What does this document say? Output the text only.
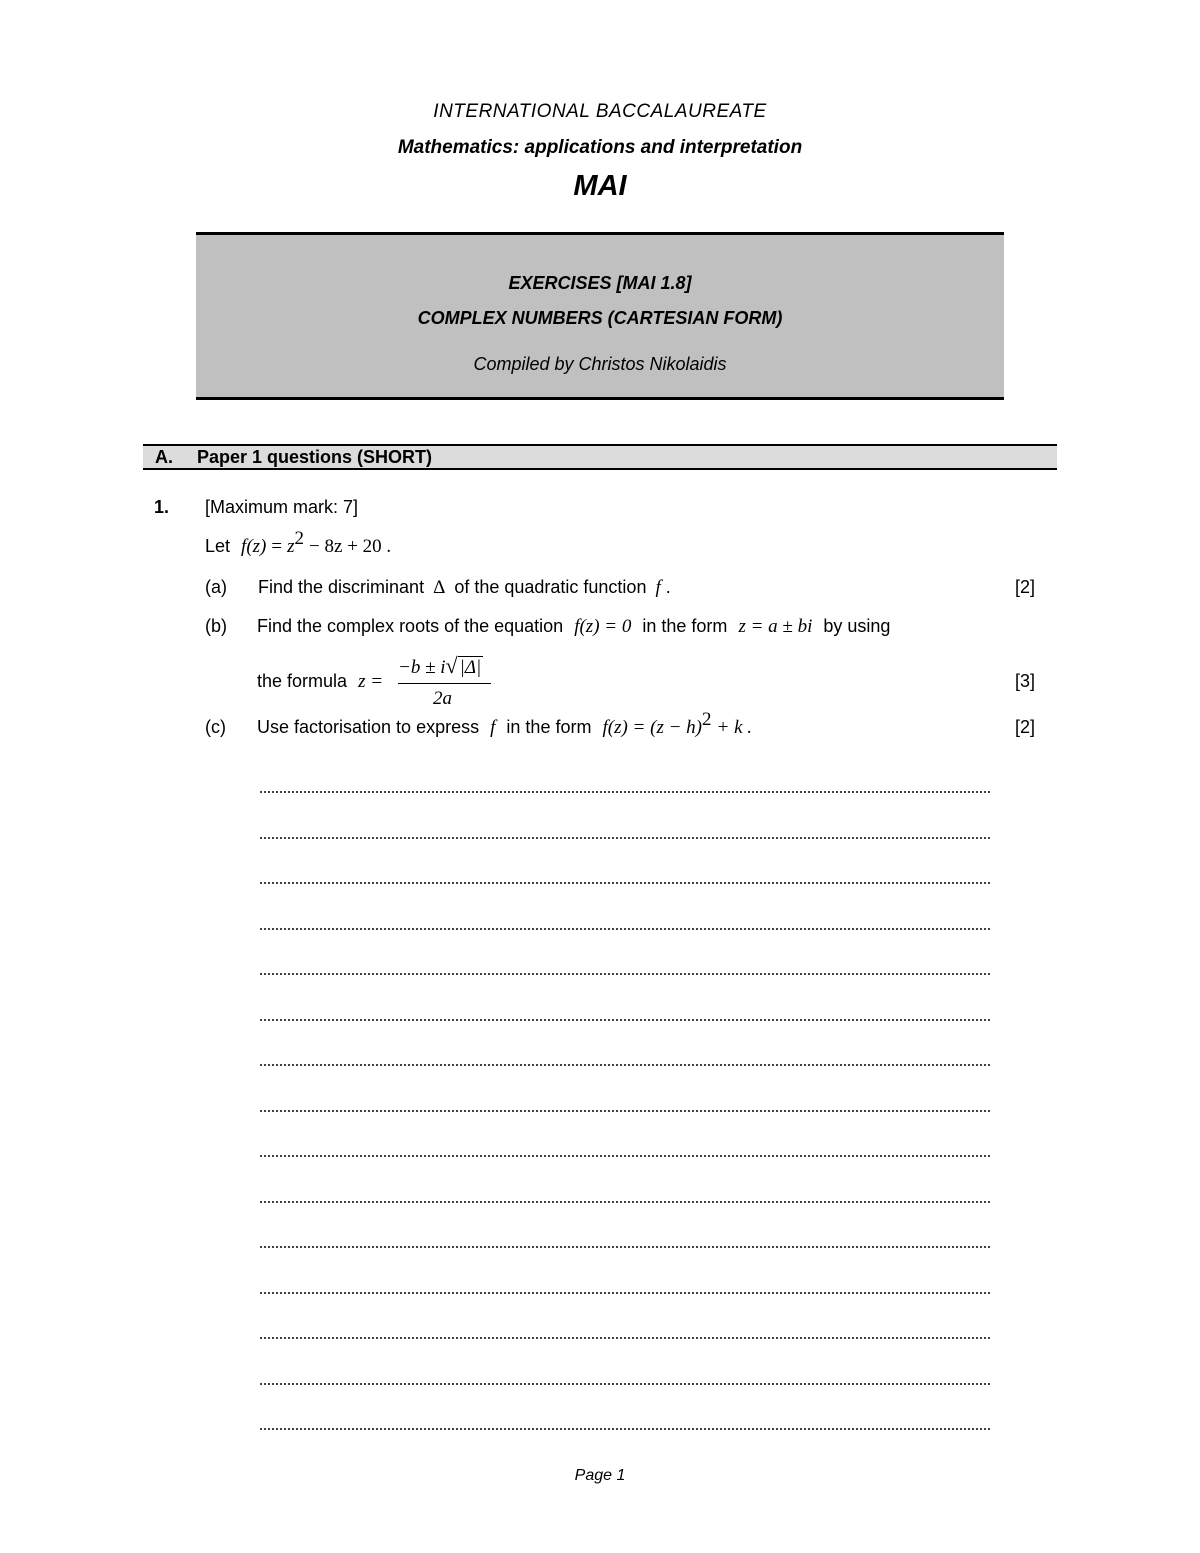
INTERNATIONAL BACCALAUREATE
Mathematics: applications and interpretation
MAI
EXERCISES [MAI 1.8]
COMPLEX NUMBERS (CARTESIAN FORM)
Compiled by Christos Nikolaidis
A. Paper 1 questions (SHORT)
1. [Maximum mark: 7]
Let $f(z) = z^2 - 8z + 20$ .
(a) Find the discriminant Δ of the quadratic function f .	[2]
(b) Find the complex roots of the equation f(z) = 0 in the form z = a ± bi by using
the formula z =
−b ± i√ |Δ|
2a
[3]
(c) Use factorisation to express f in the form $f(z) = (z - h)^2 + k$ .	[2]
Page 1
